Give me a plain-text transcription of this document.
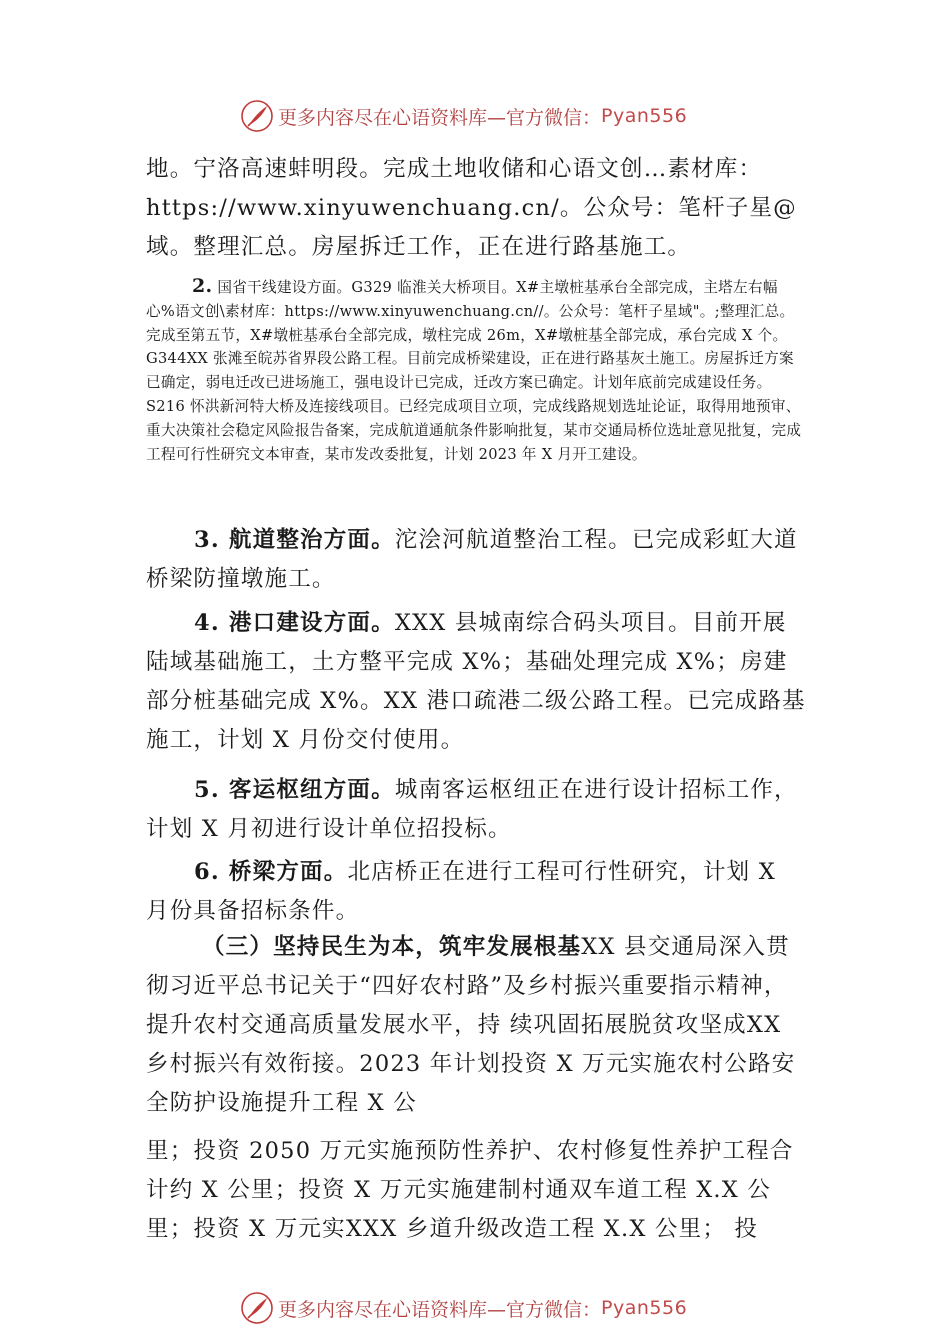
更多内容尽在心语资料库—官方微信： Pyan556

地。宁洛高速蚌明段。完成土地收储和心语文创…素材库：https://www.xinyuwenchuang.cn/。公众号：笔杆子星@域。整理汇总。房屋拆迁工作，正在进行路基施工。

2. 国省干线建设方面。G329 临淮关大桥项目。X#主墩桩基承台全部完成，主塔左右幅心%语文创\素材库：https://www.xinyuwenchuang.cn//。公众号：笔杆子星域"。;整理汇总。完成至第五节，X#墩桩基承台全部完成，墩柱完成 26m，X#墩桩基全部完成，承台完成 X 个。G344XX 张滩至皖苏省界段公路工程。目前完成桥梁建设，正在进行路基灰土施工。房屋拆迁方案已确定，弱电迁改已进场施工，强电设计已完成，迁改方案已确定。计划年底前完成建设任务。S216 怀洪新河特大桥及连接线项目。已经完成项目立项，完成线路规划选址论证，取得用地预审、 重大决策社会稳定风险报告备案，完成航道通航条件影响批复，某市交通局桥位选址意见批复，完成工程可行性研究文本审查，某市发改委批复，计划 2023 年 X 月开工建设。

3. 航道整治方面。沱浍河航道整治工程。已完成彩虹大道桥梁防撞墩施工。

4. 港口建设方面。XXX 县城南综合码头项目。目前开展陆域基础施工，土方整平完成 X%；基础处理完成 X%；房建部分桩基础完成 X%。XX 港口疏港二级公路工程。已完成路基施工，计划 X 月份交付使用。

5. 客运枢纽方面。城南客运枢纽正在进行设计招标工作，计划 X 月初进行设计单位招投标。

6. 桥梁方面。北店桥正在进行工程可行性研究，计划 X 月份具备招标条件。

（三）坚持民生为本，筑牢发展根基XX 县交通局深入贯彻习近平总书记关于“四好农村路”及乡村振兴重要指示精神，提升农村交通高质量发展水平，持 续巩固拓展脱贫攻坚成XX 乡村振兴有效衔接。2023 年计划投资 X 万元实施农村公路安全防护设施提升工程 X 公

里；投资 2050 万元实施预防性养护、农村修复性养护工程合计约 X 公里；投资 X 万元实施建制村通双车道工程 X.X 公里；投资 X 万元实XXX 乡道升级改造工程 X.X 公里； 投

更多内容尽在心语资料库—官方微信： Pyan556
